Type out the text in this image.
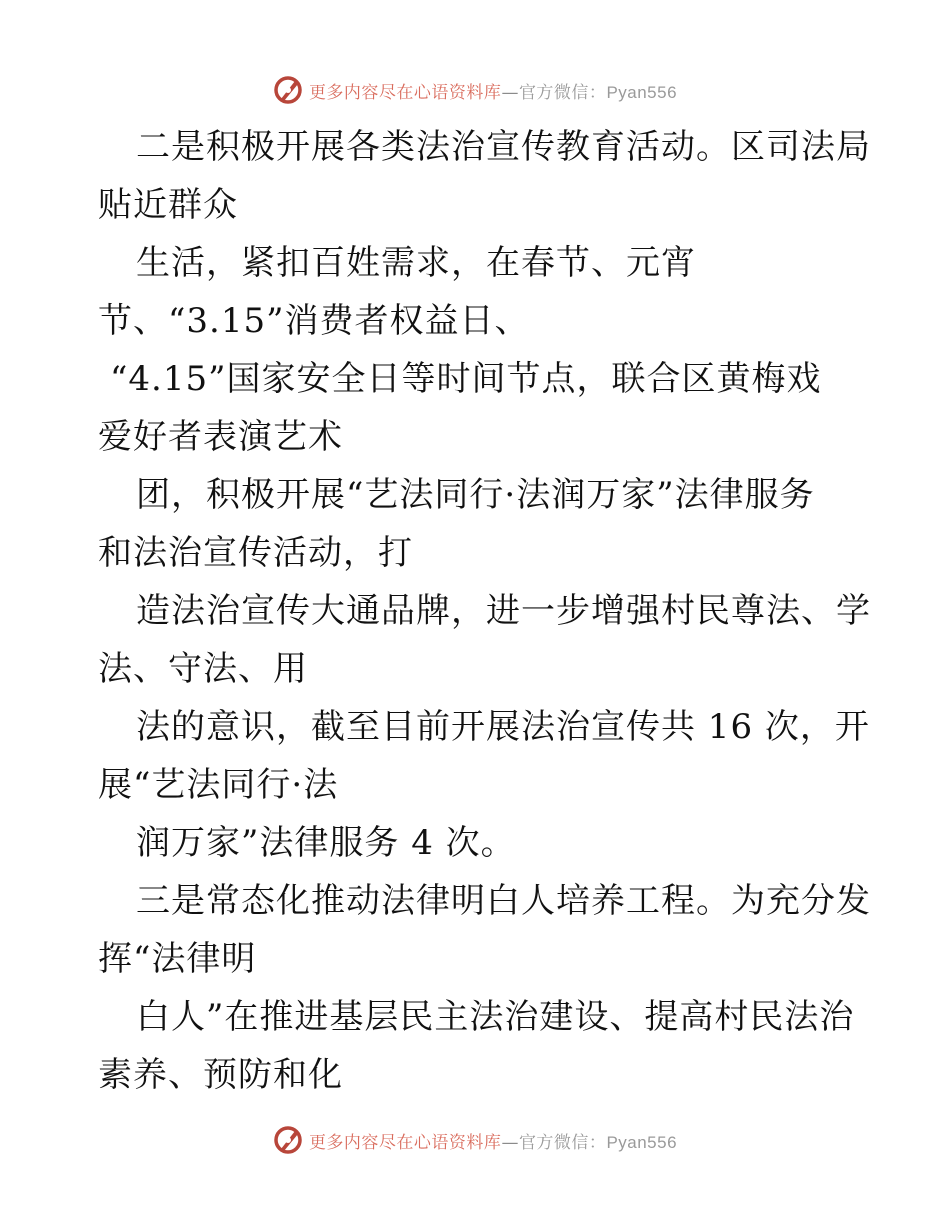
更多内容尽在心语资料库—官方微信：Pyan556
二是积极开展各类法治宣传教育活动。区司法局
贴近群众
生活，紧扣百姓需求，在春节、元宵
节、“3.15”消费者权益日、
“4.15”国家安全日等时间节点，联合区黄梅戏
爱好者表演艺术
团，积极开展“艺法同行·法润万家”法律服务
和法治宣传活动，打
造法治宣传大通品牌，进一步增强村民尊法、学
法、守法、用
法的意识，截至目前开展法治宣传共 16 次，开
展“艺法同行·法
润万家”法律服务 4 次。
三是常态化推动法律明白人培养工程。为充分发
挥“法律明
白人”在推进基层民主法治建设、提高村民法治
素养、预防和化
更多内容尽在心语资料库—官方微信：Pyan556
